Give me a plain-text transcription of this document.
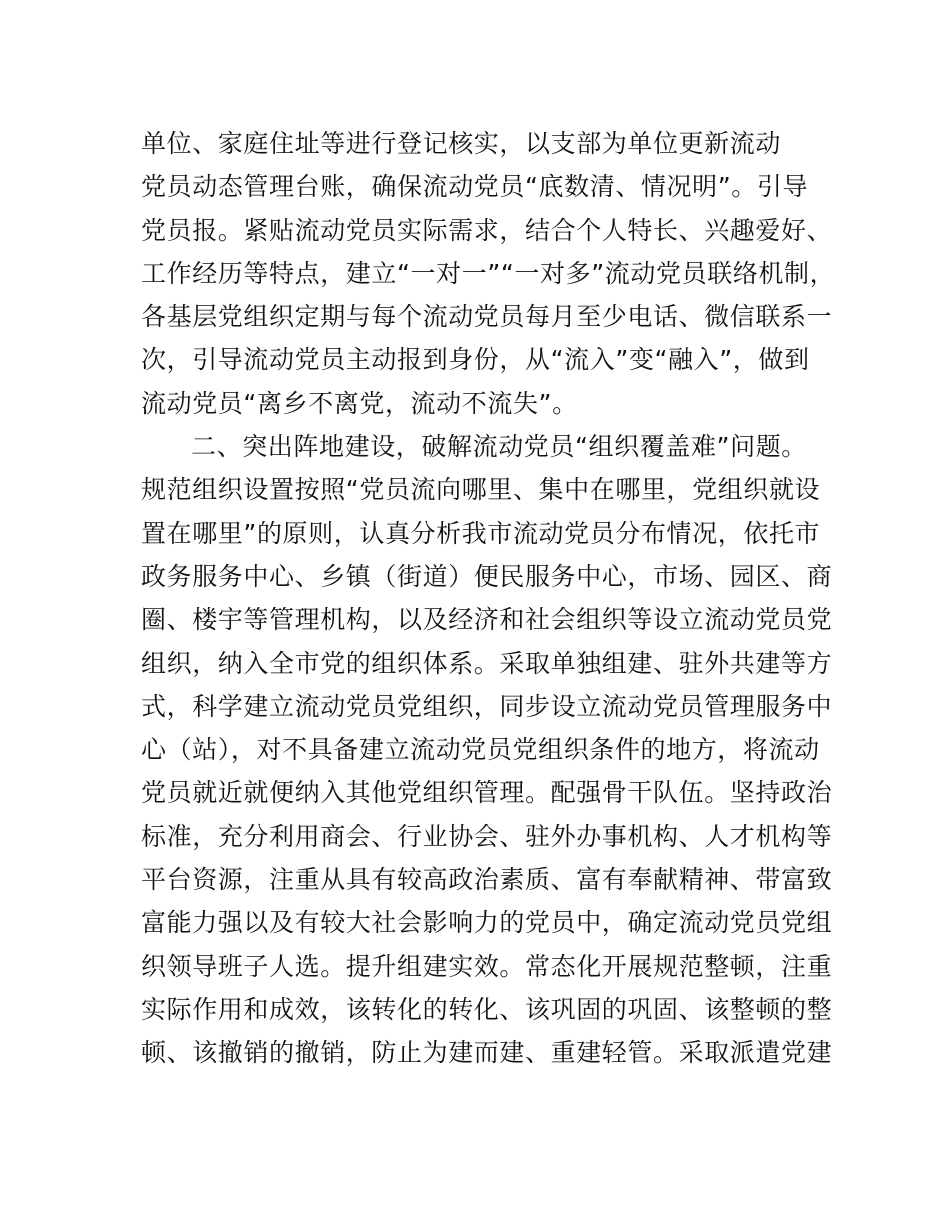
单位、家庭住址等进行登记核实，以支部为单位更新流动
党员动态管理台账，确保流动党员“底数清、情况明”。引导
党员报。紧贴流动党员实际需求，结合个人特长、兴趣爱好、
工作经历等特点，建立“一对一”“一对多”流动党员联络机制，
各基层党组织定期与每个流动党员每月至少电话、微信联系一
次，引导流动党员主动报到身份，从“流入”变“融入”，做到
流动党员“离乡不离党，流动不流失”。
二、突出阵地建设，破解流动党员“组织覆盖难”问题。
规范组织设置按照“党员流向哪里、集中在哪里，党组织就设
置在哪里”的原则，认真分析我市流动党员分布情况，依托市
政务服务中心、乡镇（街道）便民服务中心，市场、园区、商
圈、楼宇等管理机构，以及经济和社会组织等设立流动党员党
组织，纳入全市党的组织体系。采取单独组建、驻外共建等方
式，科学建立流动党员党组织，同步设立流动党员管理服务中
心（站），对不具备建立流动党员党组织条件的地方，将流动
党员就近就便纳入其他党组织管理。配强骨干队伍。坚持政治
标准，充分利用商会、行业协会、驻外办事机构、人才机构等
平台资源，注重从具有较高政治素质、富有奉献精神、带富致
富能力强以及有较大社会影响力的党员中，确定流动党员党组
织领导班子人选。提升组建实效。常态化开展规范整顿，注重
实际作用和成效，该转化的转化、该巩固的巩固、该整顿的整
顿、该撤销的撤销，防止为建而建、重建轻管。采取派遣党建
